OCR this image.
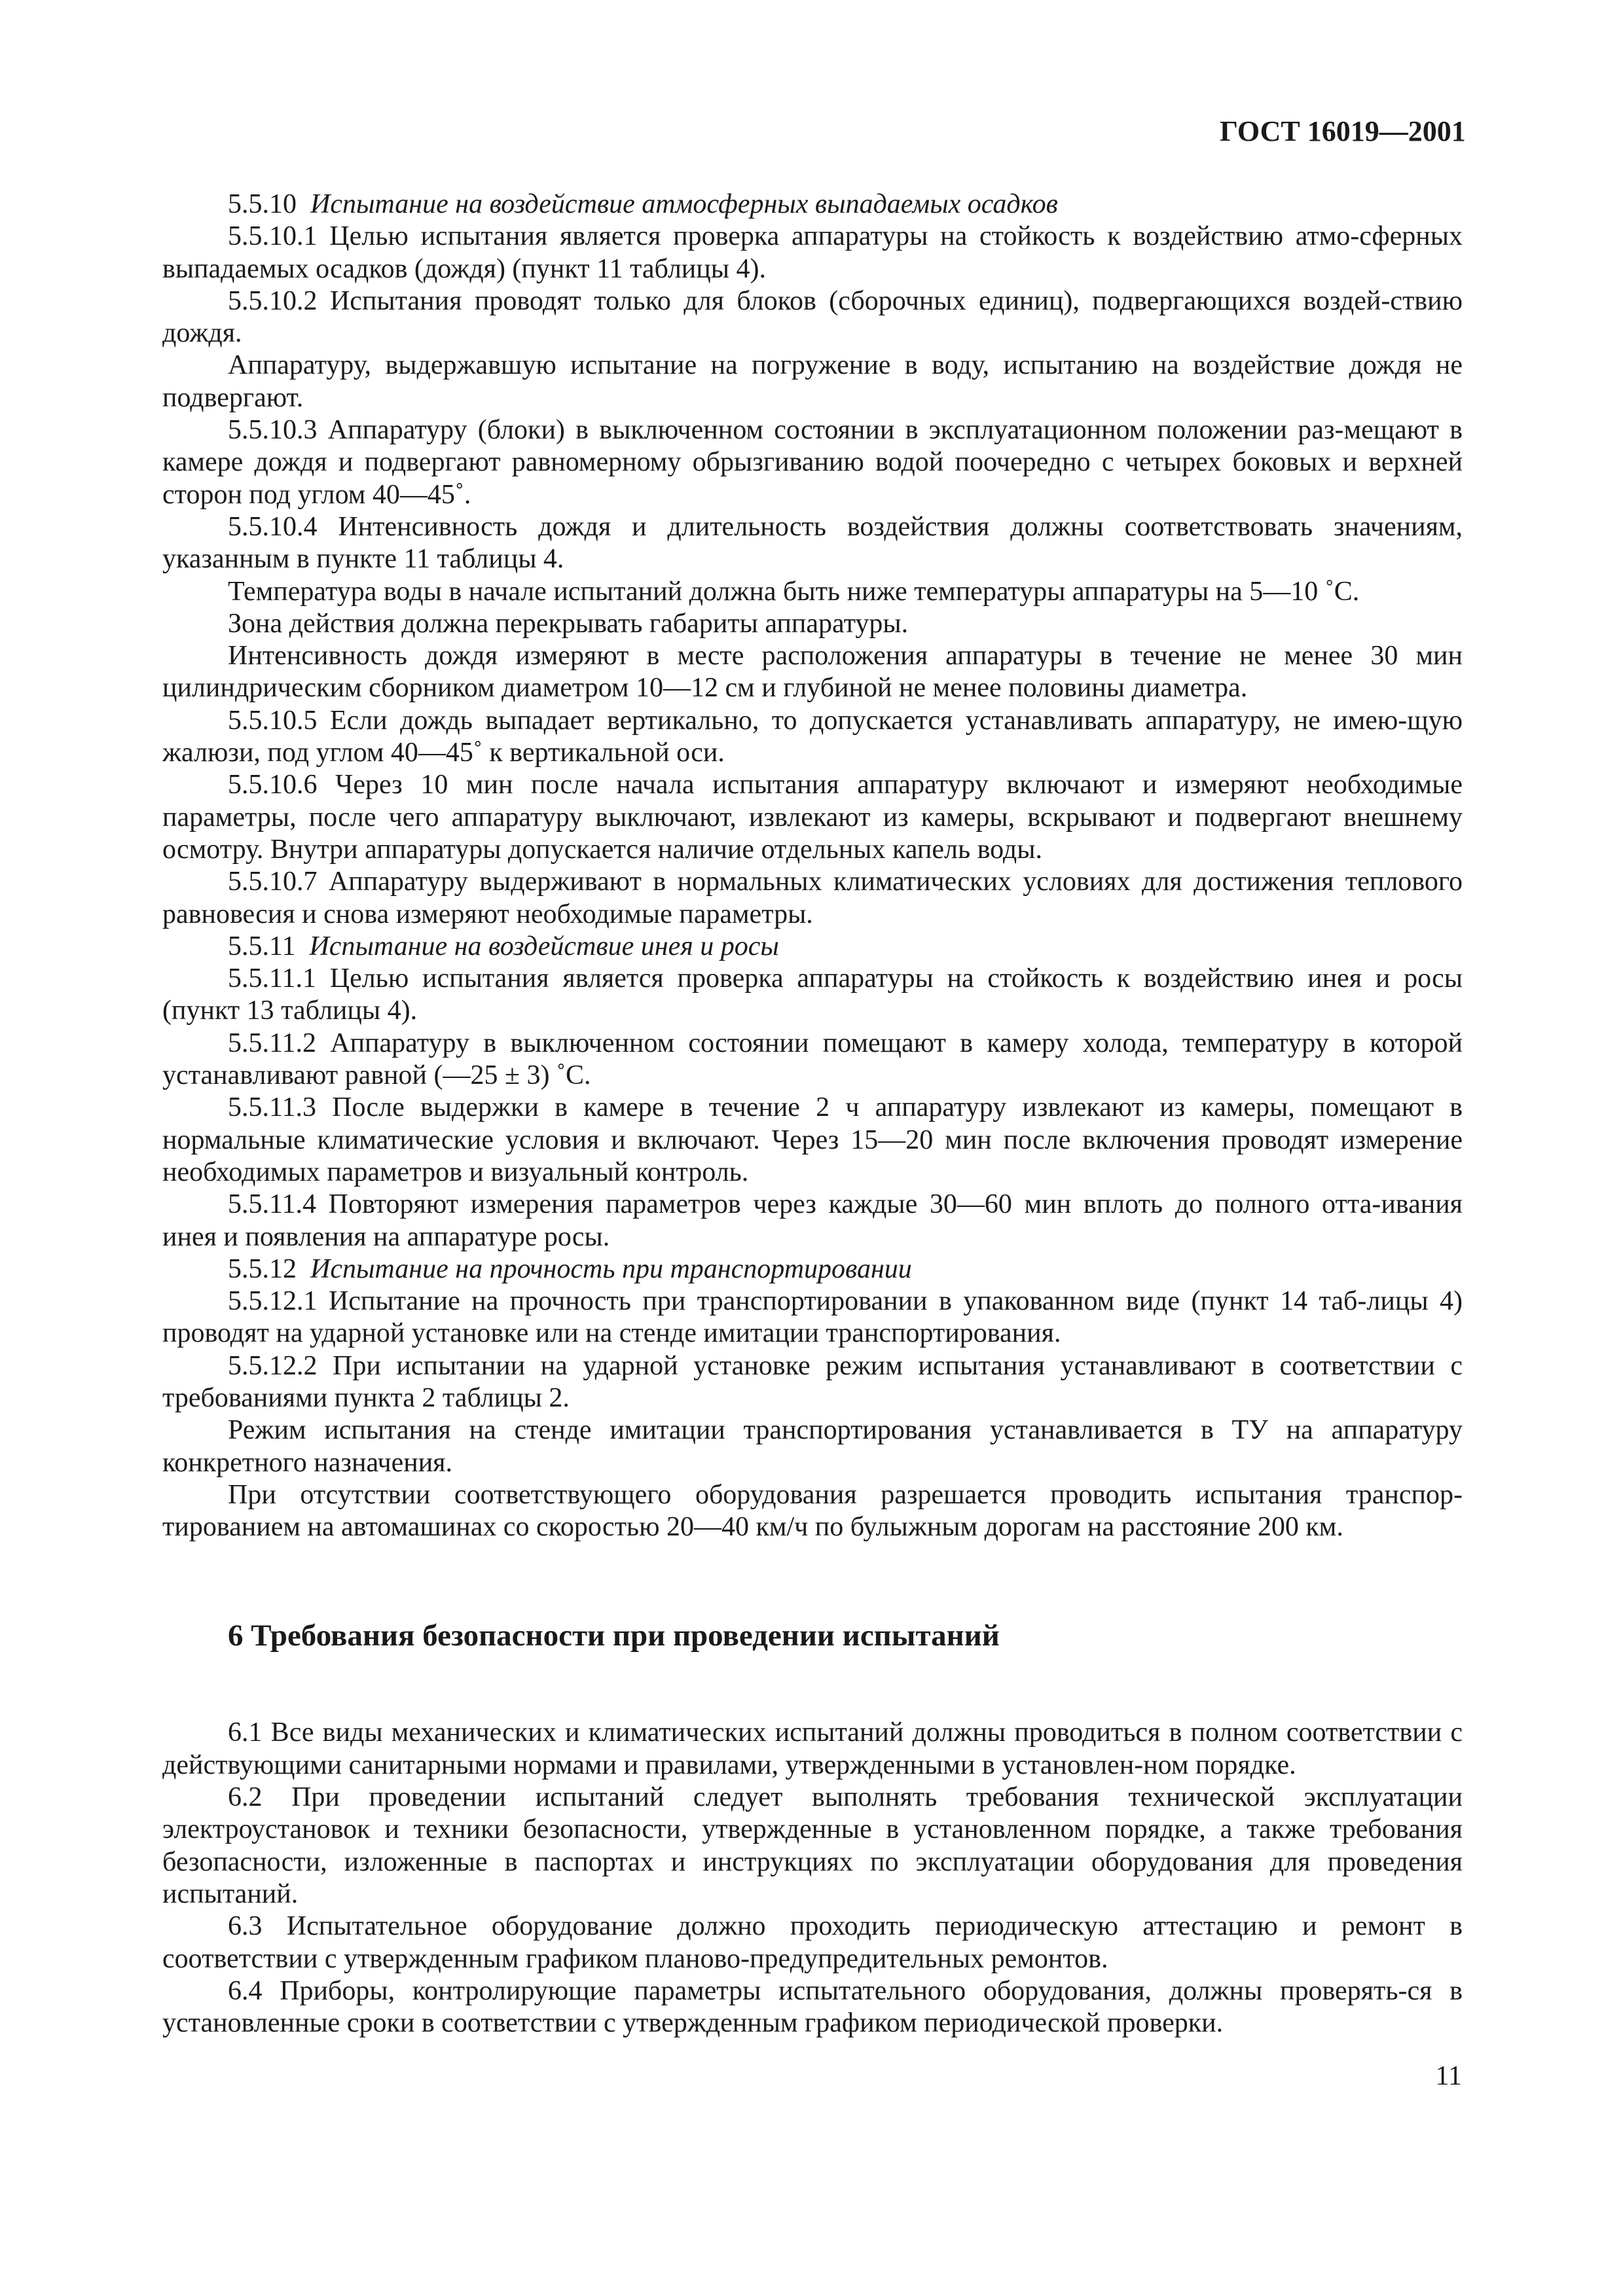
ГОСТ 16019—2001

5.5.10  Испытание на воздействие атмосферных выпадаемых осадков

5.5.10.1 Целью испытания является проверка аппаратуры на стойкость к воздействию атмо-сферных выпадаемых осадков (дождя) (пункт 11 таблицы 4).

5.5.10.2 Испытания проводят только для блоков (сборочных единиц), подвергающихся воздей-ствию дождя.

Аппаратуру, выдержавшую испытание на погружение в воду, испытанию на воздействие дождя не подвергают.

5.5.10.3 Аппаратуру (блоки) в выключенном состоянии в эксплуатационном положении раз-мещают в камере дождя и подвергают равномерному обрызгиванию водой поочередно с четырех боковых и верхней сторон под углом 40—45˚.

5.5.10.4 Интенсивность дождя и длительность воздействия должны соответствовать значениям, указанным в пункте 11 таблицы 4.

Температура воды в начале испытаний должна быть ниже температуры аппаратуры на 5—10 ˚С.

Зона действия должна перекрывать габариты аппаратуры.

Интенсивность дождя измеряют в месте расположения аппаратуры в течение не менее 30 мин цилиндрическим сборником диаметром 10—12 см и глубиной не менее половины диаметра.

5.5.10.5 Если дождь выпадает вертикально, то допускается устанавливать аппаратуру, не имею-щую жалюзи, под углом 40—45˚ к вертикальной оси.

5.5.10.6 Через 10 мин после начала испытания аппаратуру включают и измеряют необходимые параметры, после чего аппаратуру выключают, извлекают из камеры, вскрывают и подвергают внешнему осмотру. Внутри аппаратуры допускается наличие отдельных капель воды.

5.5.10.7 Аппаратуру выдерживают в нормальных климатических условиях для достижения теплового равновесия и снова измеряют необходимые параметры.

5.5.11  Испытание на воздействие инея и росы

5.5.11.1 Целью испытания является проверка аппаратуры на стойкость к воздействию инея и росы (пункт 13 таблицы 4).

5.5.11.2 Аппаратуру в выключенном состоянии помещают в камеру холода, температуру в которой устанавливают равной (—25 ± 3) ˚С.

5.5.11.3 После выдержки в камере в течение 2 ч аппаратуру извлекают из камеры, помещают в нормальные климатические условия и включают. Через 15—20 мин после включения проводят измерение необходимых параметров и визуальный контроль.

5.5.11.4 Повторяют измерения параметров через каждые 30—60 мин вплоть до полного отта-ивания инея и появления на аппаратуре росы.

5.5.12  Испытание на прочность при транспортировании

5.5.12.1 Испытание на прочность при транспортировании в упакованном виде (пункт 14 таб-лицы 4) проводят на ударной установке или на стенде имитации транспортирования.

5.5.12.2 При испытании на ударной установке режим испытания устанавливают в соответствии с требованиями пункта 2 таблицы 2.

Режим испытания на стенде имитации транспортирования устанавливается в ТУ на аппаратуру конкретного назначения.

При отсутствии соответствующего оборудования разрешается проводить испытания транспор-тированием на автомашинах со скоростью 20—40 км/ч по булыжным дорогам на расстояние 200 км.

6 Требования безопасности при проведении испытаний

6.1 Все виды механических и климатических испытаний должны проводиться в полном соответствии с действующими санитарными нормами и правилами, утвержденными в установлен-ном порядке.

6.2 При проведении испытаний следует выполнять требования технической эксплуатации электроустановок и техники безопасности, утвержденные в установленном порядке, а также требования безопасности, изложенные в паспортах и инструкциях по эксплуатации оборудования для проведения испытаний.

6.3 Испытательное оборудование должно проходить периодическую аттестацию и ремонт в соответствии с утвержденным графиком планово-предупредительных ремонтов.

6.4 Приборы, контролирующие параметры испытательного оборудования, должны проверять-ся в установленные сроки в соответствии с утвержденным графиком периодической проверки.

11
